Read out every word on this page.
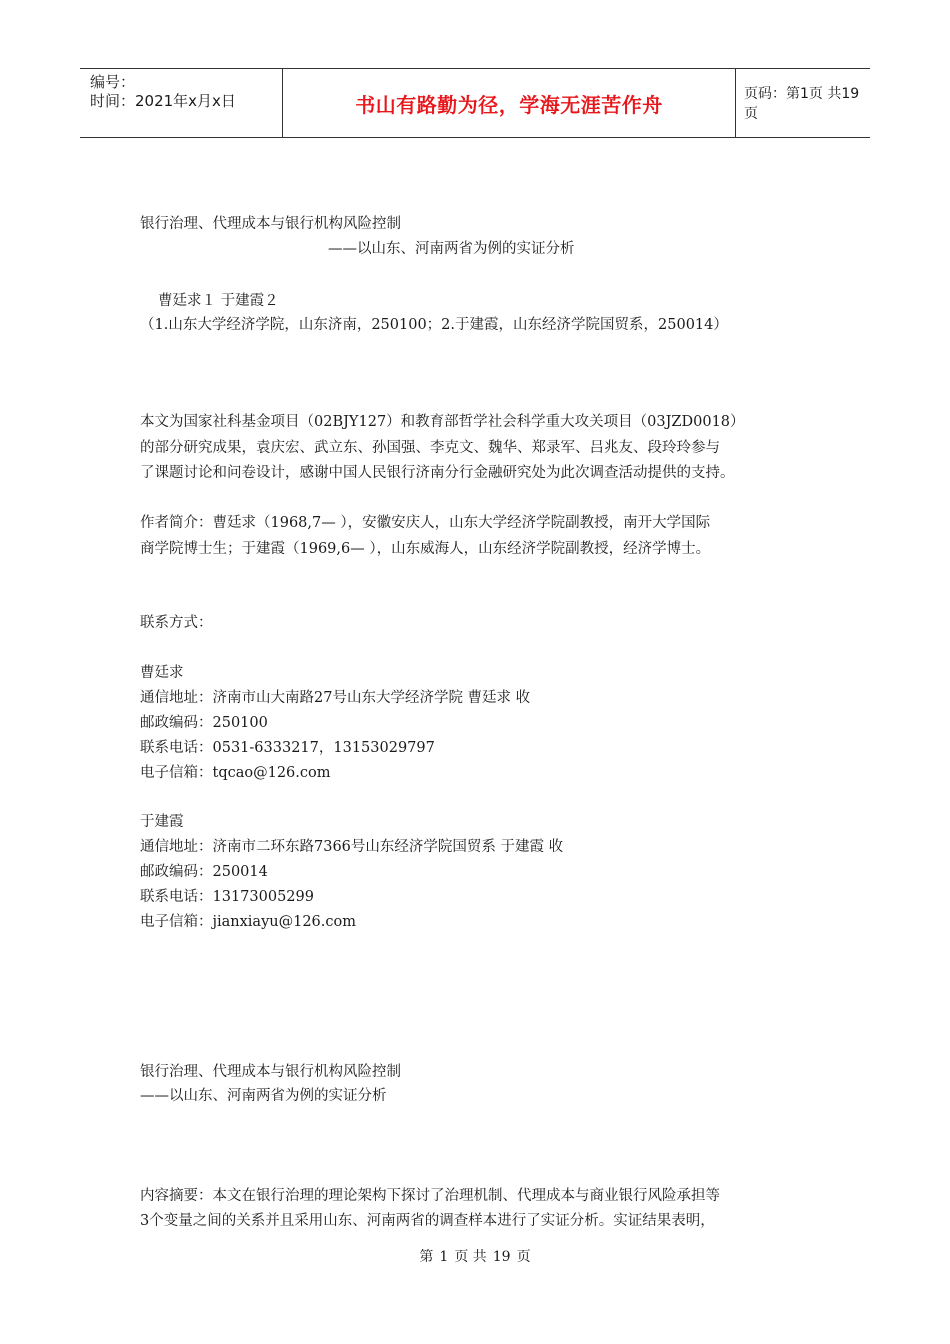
编号：
时间：2021年x月x日	书山有路勤为径，学海无涯苦作舟	页码：第1页 共19页
银行治理、代理成本与银行机构风险控制
——以山东、河南两省为例的实证分析
曹廷求１ 于建霞２
（1.山东大学经济学院，山东济南，250100；2.于建霞，山东经济学院国贸系，250014）
本文为国家社科基金项目（02BJY127）和教育部哲学社会科学重大攻关项目（03JZD0018）
的部分研究成果，袁庆宏、武立东、孙国强、李克文、魏华、郑录军、吕兆友、段玲玲参与
了课题讨论和问卷设计，感谢中国人民银行济南分行金融研究处为此次调查活动提供的支持。
作者简介：曹廷求（1968,7— ），安徽安庆人，山东大学经济学院副教授，南开大学国际
商学院博士生；于建霞（1969,6— ），山东威海人，山东经济学院副教授，经济学博士。
联系方式：
曹廷求
通信地址：济南市山大南路27号山东大学经济学院 曹廷求 收
邮政编码：250100
联系电话：0531-6333217，13153029797
电子信箱：tqcao@126.com
于建霞
通信地址：济南市二环东路7366号山东经济学院国贸系 于建霞 收
邮政编码：250014
联系电话：13173005299
电子信箱：jianxiayu@126.com
银行治理、代理成本与银行机构风险控制
——以山东、河南两省为例的实证分析
内容摘要：本文在银行治理的理论架构下探讨了治理机制、代理成本与商业银行风险承担等
3个变量之间的关系并且采用山东、河南两省的调查样本进行了实证分析。实证结果表明，
第 1 页 共 19 页
